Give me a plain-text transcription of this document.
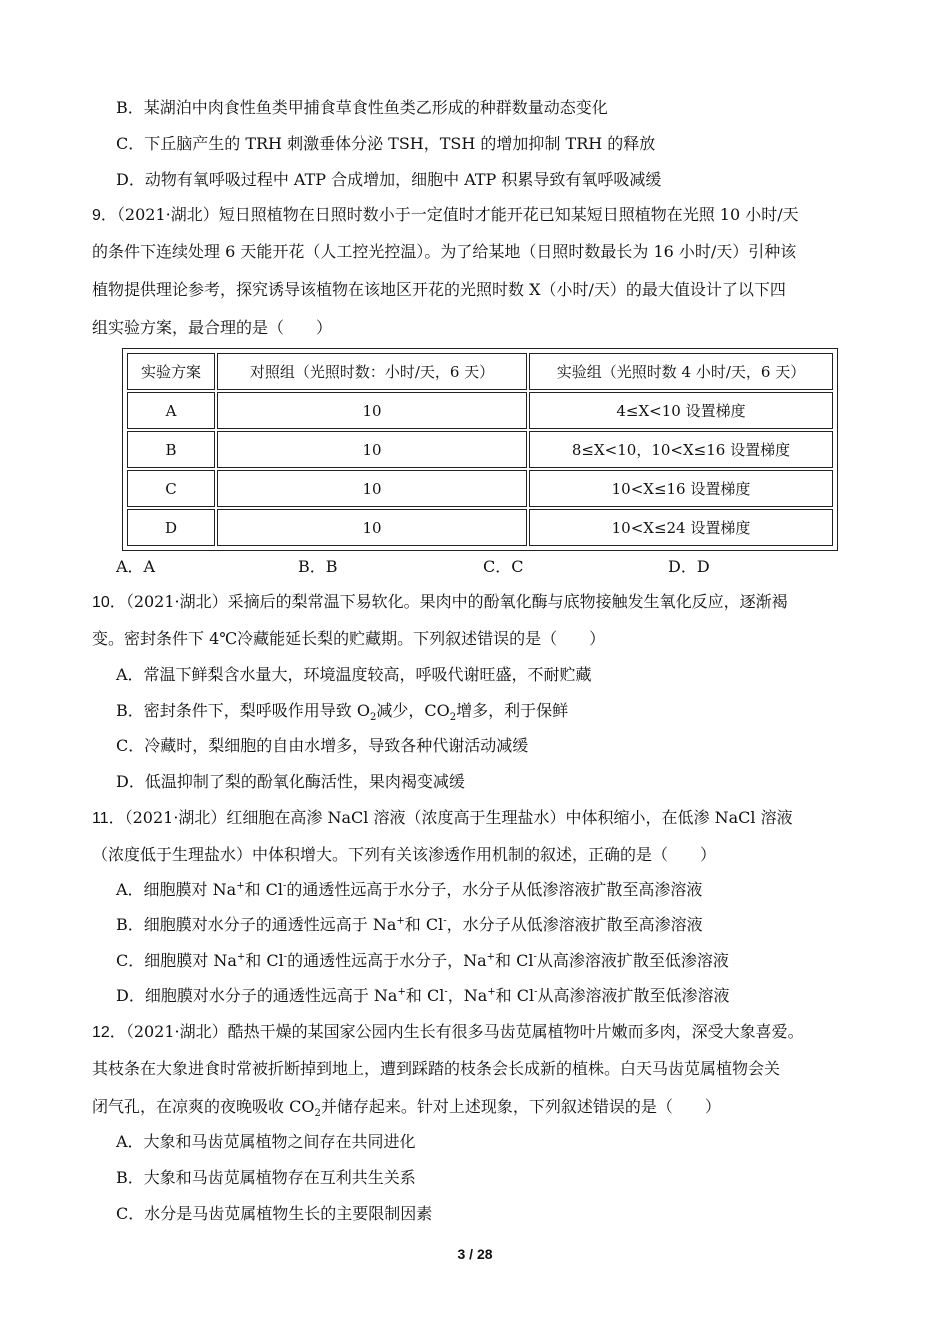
B．某湖泊中肉食性鱼类甲捕食草食性鱼类乙形成的种群数量动态变化
C．下丘脑产生的 TRH 刺激垂体分泌 TSH，TSH 的增加抑制 TRH 的释放
D．动物有氧呼吸过程中 ATP 合成增加，细胞中 ATP 积累导致有氧呼吸减缓
9．（2021·湖北）短日照植物在日照时数小于一定值时才能开花已知某短日照植物在光照 10 小时/天
的条件下连续处理 6 天能开花（人工控光控温）。为了给某地（日照时数最长为 16 小时/天）引种该
植物提供理论参考，探究诱导该植物在该地区开花的光照时数 X（小时/天）的最大值设计了以下四
组实验方案，最合理的是（　　）
实验方案	对照组（光照时数：小时/天，6 天）	实验组（光照时数 4 小时/天，6 天）
A	10	4≤X<10 设置梯度
B	10	8≤X<10，10<X≤16 设置梯度
C	10	10<X≤16 设置梯度
D	10	10<X≤24 设置梯度
A．A	B．B	C．C	D．D
10．（2021·湖北）采摘后的梨常温下易软化。果肉中的酚氧化酶与底物接触发生氧化反应，逐渐褐
变。密封条件下 4℃冷藏能延长梨的贮藏期。下列叙述错误的是（　　）
A．常温下鲜梨含水量大，环境温度较高，呼吸代谢旺盛，不耐贮藏
B．密封条件下，梨呼吸作用导致 $O_2$减少，$CO_2$增多，利于保鲜
C．冷藏时，梨细胞的自由水增多，导致各种代谢活动减缓
D．低温抑制了梨的酚氧化酶活性，果肉褐变减缓
11．（2021·湖北）红细胞在高渗 NaCl 溶液（浓度高于生理盐水）中体积缩小，在低渗 NaCl 溶液
（浓度低于生理盐水）中体积增大。下列有关该渗透作用机制的叙述，正确的是（　　）
A．细胞膜对 Na+和 Cl-的通透性远高于水分子，水分子从低渗溶液扩散至高渗溶液
B．细胞膜对水分子的通透性远高于 Na+和 Cl-，水分子从低渗溶液扩散至高渗溶液
C．细胞膜对 Na+和 Cl-的通透性远高于水分子，Na+和 Cl-从高渗溶液扩散至低渗溶液
D．细胞膜对水分子的通透性远高于 Na+和 Cl-，Na+和 Cl-从高渗溶液扩散至低渗溶液
12．（2021·湖北）酷热干燥的某国家公园内生长有很多马齿苋属植物叶片嫩而多肉，深受大象喜爱。
其枝条在大象进食时常被折断掉到地上，遭到踩踏的枝条会长成新的植株。白天马齿苋属植物会关
闭气孔，在凉爽的夜晚吸收 $CO_2$并储存起来。针对上述现象，下列叙述错误的是（　　）
A．大象和马齿苋属植物之间存在共同进化
B．大象和马齿苋属植物存在互利共生关系
C．水分是马齿苋属植物生长的主要限制因素
3 / 28
